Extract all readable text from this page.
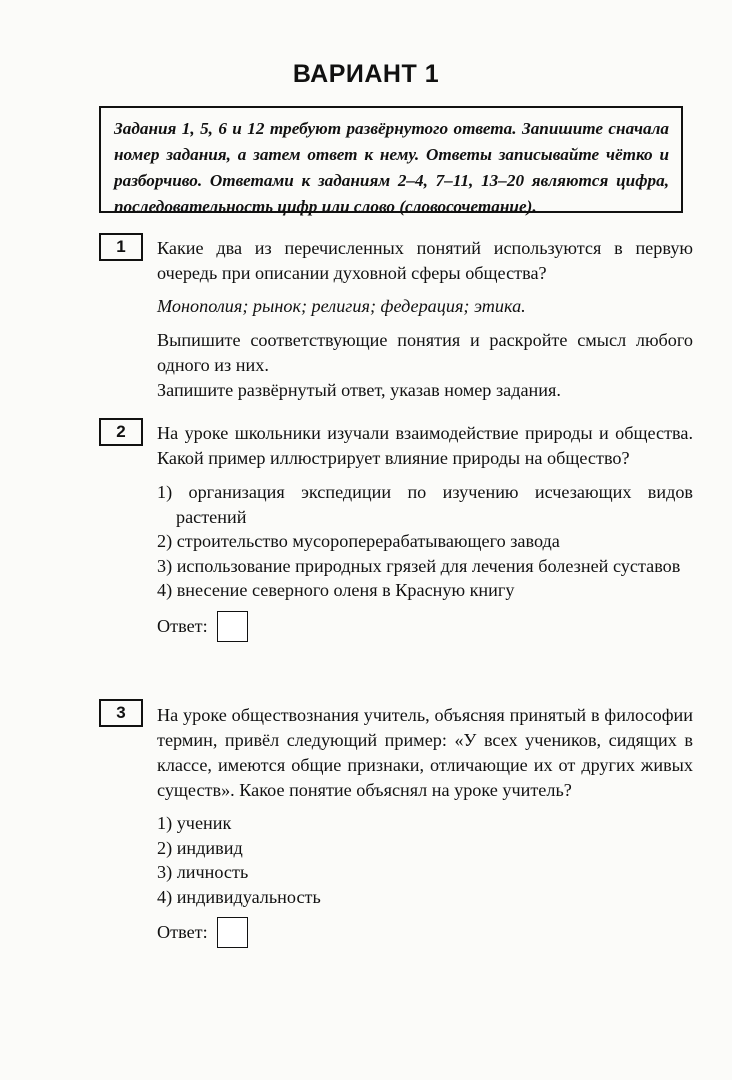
ВАРИАНТ 1

Задания 1, 5, 6 и 12 требуют развёрнутого ответа. Запишите сначала номер задания, а затем ответ к нему. Ответы записывайте чётко и разборчиво. Ответами к заданиям 2–4, 7–11, 13–20 являются цифра, последовательность цифр или слово (словосочетание).

1	Какие два из перечисленных понятий используются в первую очередь при описании духовной сферы общества?

Монополия; рынок; религия; федерация; этика.

Выпишите соответствующие понятия и раскройте смысл любого одного из них.

Запишите развёрнутый ответ, указав номер задания.

2	На уроке школьники изучали взаимодействие природы и общества. Какой пример иллюстрирует влияние природы на общество?

1) организация экспедиции по изучению исчезающих видов растений
2) строительство мусороперерабатывающего завода
3) использование природных грязей для лечения болезней суставов
4) внесение северного оленя в Красную книгу
Ответ:
3	На уроке обществознания учитель, объясняя принятый в философии термин, привёл следующий пример: «У всех учеников, сидящих в классе, имеются общие признаки, отличающие их от других живых существ». Какое понятие объяснял на уроке учитель?

1) ученик
2) индивид
3) личность
4) индивидуальность
Ответ:
